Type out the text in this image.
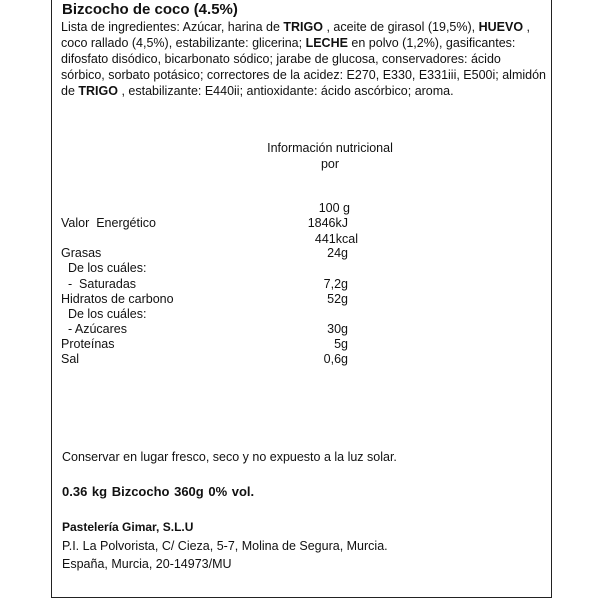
Bizcocho de coco (4.5%)
Lista de ingredientes: Azúcar, harina de TRIGO , aceite de girasol (19,5%), HUEVO , coco rallado (4,5%), estabilizante: glicerina; LECHE en polvo (1,2%), gasificantes: difosfato disódico, bicarbonato sódico; jarabe de glucosa, conservadores: ácido sórbico, sorbato potásico; correctores de la acidez: E270, E330, E331iii, E500i; almidón de TRIGO , estabilizante: E440ii; antioxidante: ácido ascórbico; aroma.
Información nutricional
por
100 g
Valor  Energético	1846kJ
441kcal
Grasas	24g
De los cuáles:
-  Saturadas	7,2g
Hidratos de carbono	52g
De los cuáles:
- Azúcares	30g
Proteínas	5g
Sal	0,6g
Conservar en lugar fresco, seco y no expuesto a la luz solar.
0.36 kg Bizcocho 360g 0% vol.
Pastelería Gimar, S.L.U
P.I. La Polvorista, C/ Cieza, 5-7, Molina de Segura, Murcia.
España, Murcia, 20-14973/MU
